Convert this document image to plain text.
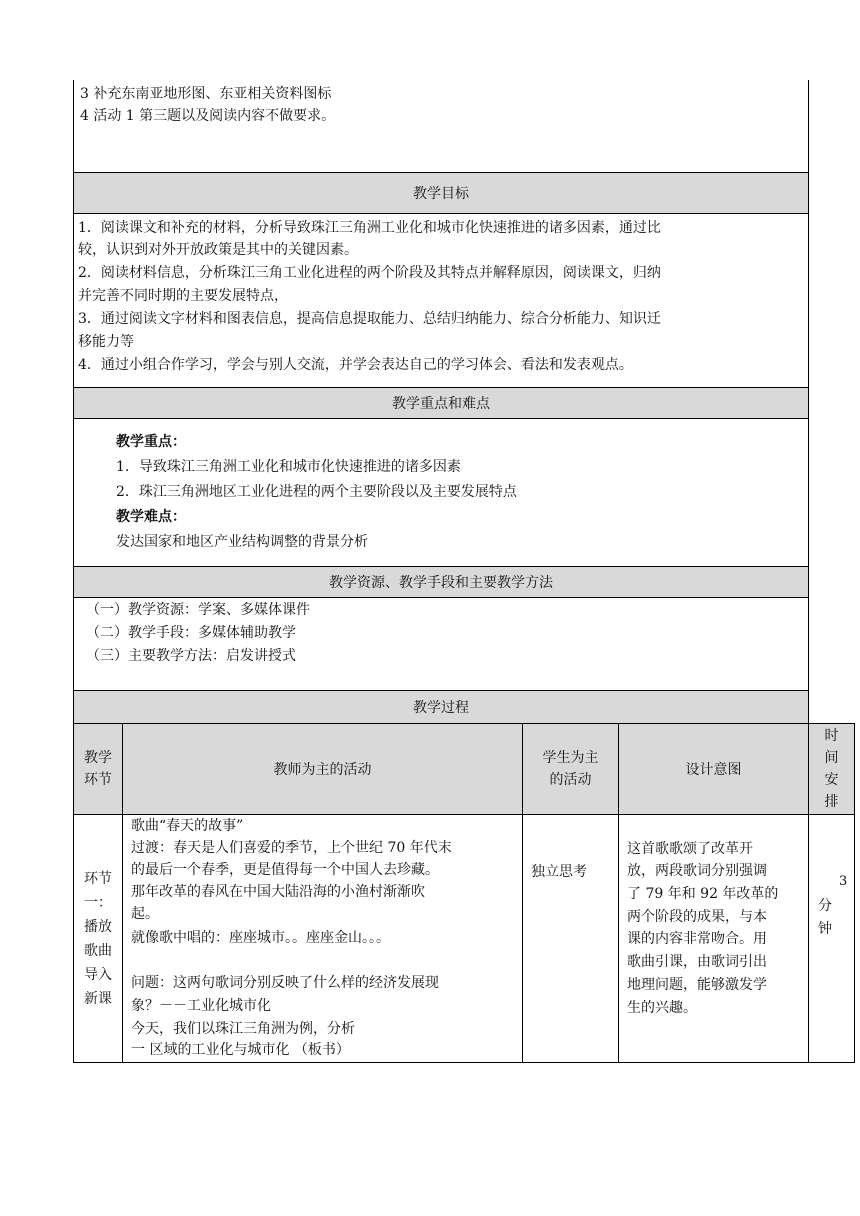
3 补充东南亚地形图、东亚相关资料图标
4 活动 1 第三题以及阅读内容不做要求。
教学目标
1．阅读课文和补充的材料，分析导致珠江三角洲工业化和城市化快速推进的诸多因素，通过比
较，认识到对外开放政策是其中的关键因素。
2．阅读材料信息，分析珠江三角工业化进程的两个阶段及其特点并解释原因，阅读课文，归纳
并完善不同时期的主要发展特点，
3．通过阅读文字材料和图表信息，提高信息提取能力、总结归纳能力、综合分析能力、知识迁
移能力等
4．通过小组合作学习，学会与别人交流，并学会表达自己的学习体会、看法和发表观点。
教学重点和难点
教学重点：
1．导致珠江三角洲工业化和城市化快速推进的诸多因素
2．珠江三角洲地区工业化进程的两个主要阶段以及主要发展特点
教学难点：
发达国家和地区产业结构调整的背景分析
教学资源、教学手段和主要教学方法
（一）教学资源：学案、多媒体课件
（二）教学手段：多媒体辅助教学
（三）主要教学方法：启发讲授式
教学过程
教学
环节
教师为主的活动
学生为主
的活动
设计意图
时
间
安
排
环节
一：
播放
歌曲
导入
新课
歌曲“春天的故事”
过渡：春天是人们喜爱的季节，上个世纪 70 年代末
的最后一个春季，更是值得每一个中国人去珍藏。
那年改革的春风在中国大陆沿海的小渔村渐渐吹
起。
就像歌中唱的：座座城市。。座座金山。。。
问题：这两句歌词分别反映了什么样的经济发展现
象？－－工业化城市化
今天，我们以珠江三角洲为例，分析
一 区域的工业化与城市化 （板书）
独立思考
这首歌歌颂了改革开
放，两段歌词分别强调
了 79 年和 92 年改革的
两个阶段的成果，与本
课的内容非常吻合。用
歌曲引课，由歌词引出
地理问题，能够激发学
生的兴趣。
3
分
钟
